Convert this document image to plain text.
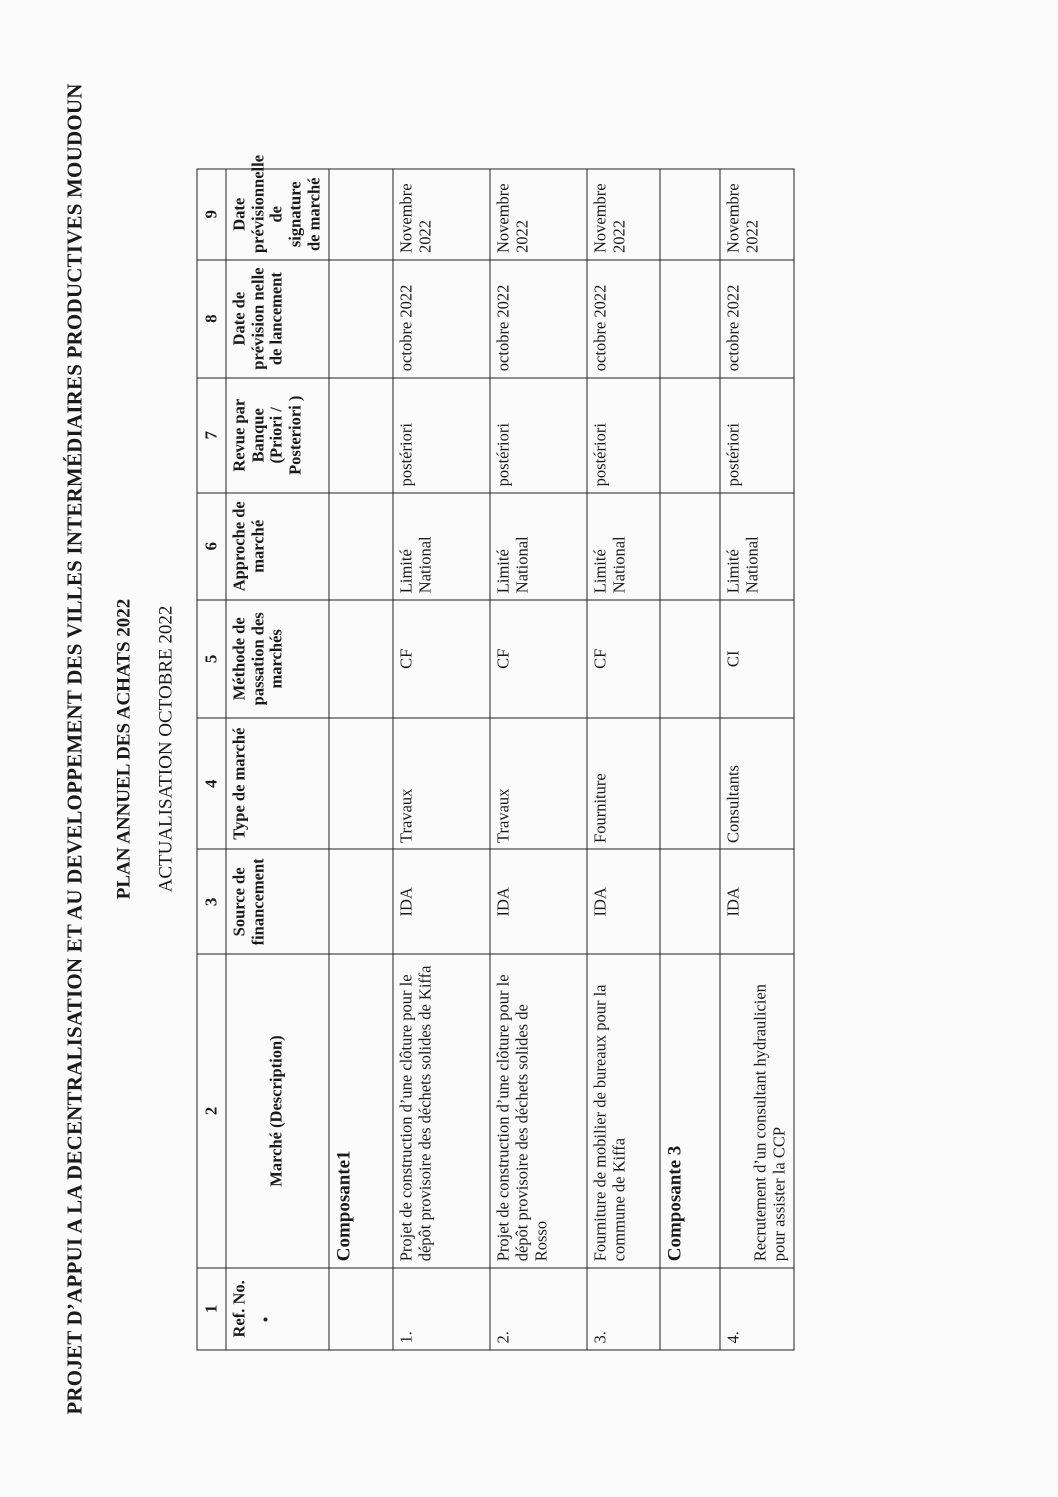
PROJET D’APPUI A LA DECENTRALISATION ET AU DEVELOPPEMENT DES VILLES INTERMÉDIAIRES PRODUCTIVES MOUDOUN PLAN ANNUEL DES ACHATS 2022 ACTUALISATION OCTOBRE 2022
1	2	3	4	5	6	7	8	9
Ref. No.	Marché (Description)	Source de financement	Type de marché	Méthode de passation des marchés	Approche de marché	Revue par Banque (Priori / Posteriori )	Date de prévision nelle de lancement	Date prévisionnelle de signature de marché
	Composante1							
1.	Projet de construction d’une clôture pour le dépôt provisoire des déchets solides de Kiffa	IDA	Travaux	CF	Limité National	postériori	octobre 2022	Novembre 2022
2.	Projet de construction d’une clôture pour le dépôt provisoire des déchets solides de Rosso	IDA	Travaux	CF	Limité National	postériori	octobre 2022	Novembre 2022
3.	Fourniture de mobilier de bureaux pour la commune de Kiffa	IDA	Fourniture	CF	Limité National	postériori	octobre 2022	Novembre 2022
	Composante 3							
4.	Recrutement d’un consultant hydraulicien pour assister la CCP	IDA	Consultants	CI	Limité National	postériori	octobre 2022	Novembre 2022
